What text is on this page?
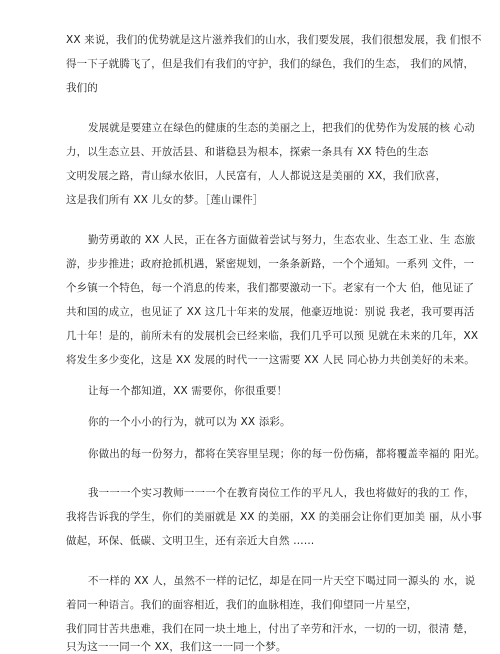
XX 来说，我们的优势就是这片滋养我们的山水，我们要发展，我们很想发展，我 们恨不
得一下子就腾飞了，但是我们有我们的守护，我们的绿色，我们的生态， 我们的风情，
我们的
发展就是要建立在绿色的健康的生态的美丽之上，把我们的优势作为发展的核 心动
力，以生态立县、开放活县、和谐稳县为根本，探索一条具有 XX 特色的生态
文明发展之路，青山绿水依旧，人民富有，人人都说这是美丽的 XX，我们欣喜，
这是我们所有 XX 儿女的梦。［莲山课件］
勤劳勇敢的 XX 人民，正在各方面做着尝试与努力，生态农业、生态工业、生 态旅
游，步步推进；政府抢抓机遇，紧密规划，一条条新路，一个个通知。一系列 文件，一
个乡镇一个特色，每一个消息的传来，我们都要激动一下。老家有一个大 伯，他见证了
共和国的成立，也见证了 XX 这几十年来的发展，他豪迈地说：别说 我老，我可要再活
几十年！是的，前所未有的发展机会已经来临，我们几乎可以预 见就在未来的几年，XX
将发生多少变化，这是 XX 发展的时代一一这需要 XX 人民 同心协力共创美好的未来。
让每一个都知道，XX 需要你，你很重要！
你的一个小小的行为，就可以为 XX 添彩。
你做出的每一份努力，都将在笑容里呈现；你的每一份伤痛，都将覆盖幸福的 阳光。
我一一一个实习教师一一一个在教育岗位工作的平凡人，我也将做好的我的工 作，
我将告诉我的学生，你们的美丽就是 XX 的美丽，XX 的美丽会让你们更加美 丽，从小事
做起，环保、低碳、文明卫生，还有亲近大自然 ……
不一样的 XX 人，虽然不一样的记忆，却是在同一片天空下喝过同一源头的 水，说
着同一种语言。我们的面容相近，我们的血脉相连，我们仰望同一片星空，
我们同甘苦共患难，我们在同一块土地上，付出了辛劳和汗水，一切的一切，很清 楚，
只为这一一同一个 XX，我们这一一同一个梦。
